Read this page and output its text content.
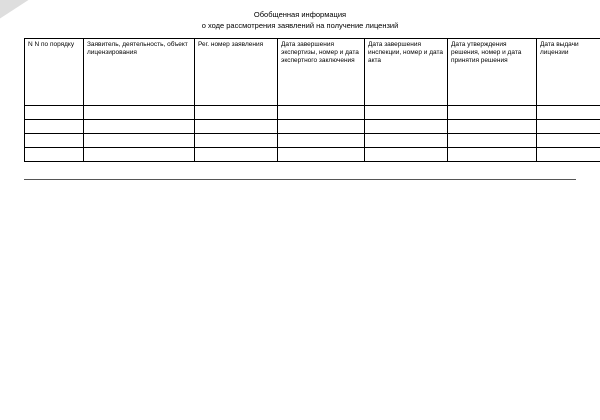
Обобщенная информация
о ходе рассмотрения заявлений на получение лицензий
N N по порядку	Заявитель, деятельность, объект лицензирования	Рег. номер заявления	Дата завершения экспертизы, номер и дата экспертного заключения	Дата завершения инспекции, номер и дата акта	Дата утверждения решения, номер и дата принятия решения	Дата выдачи лицензии
